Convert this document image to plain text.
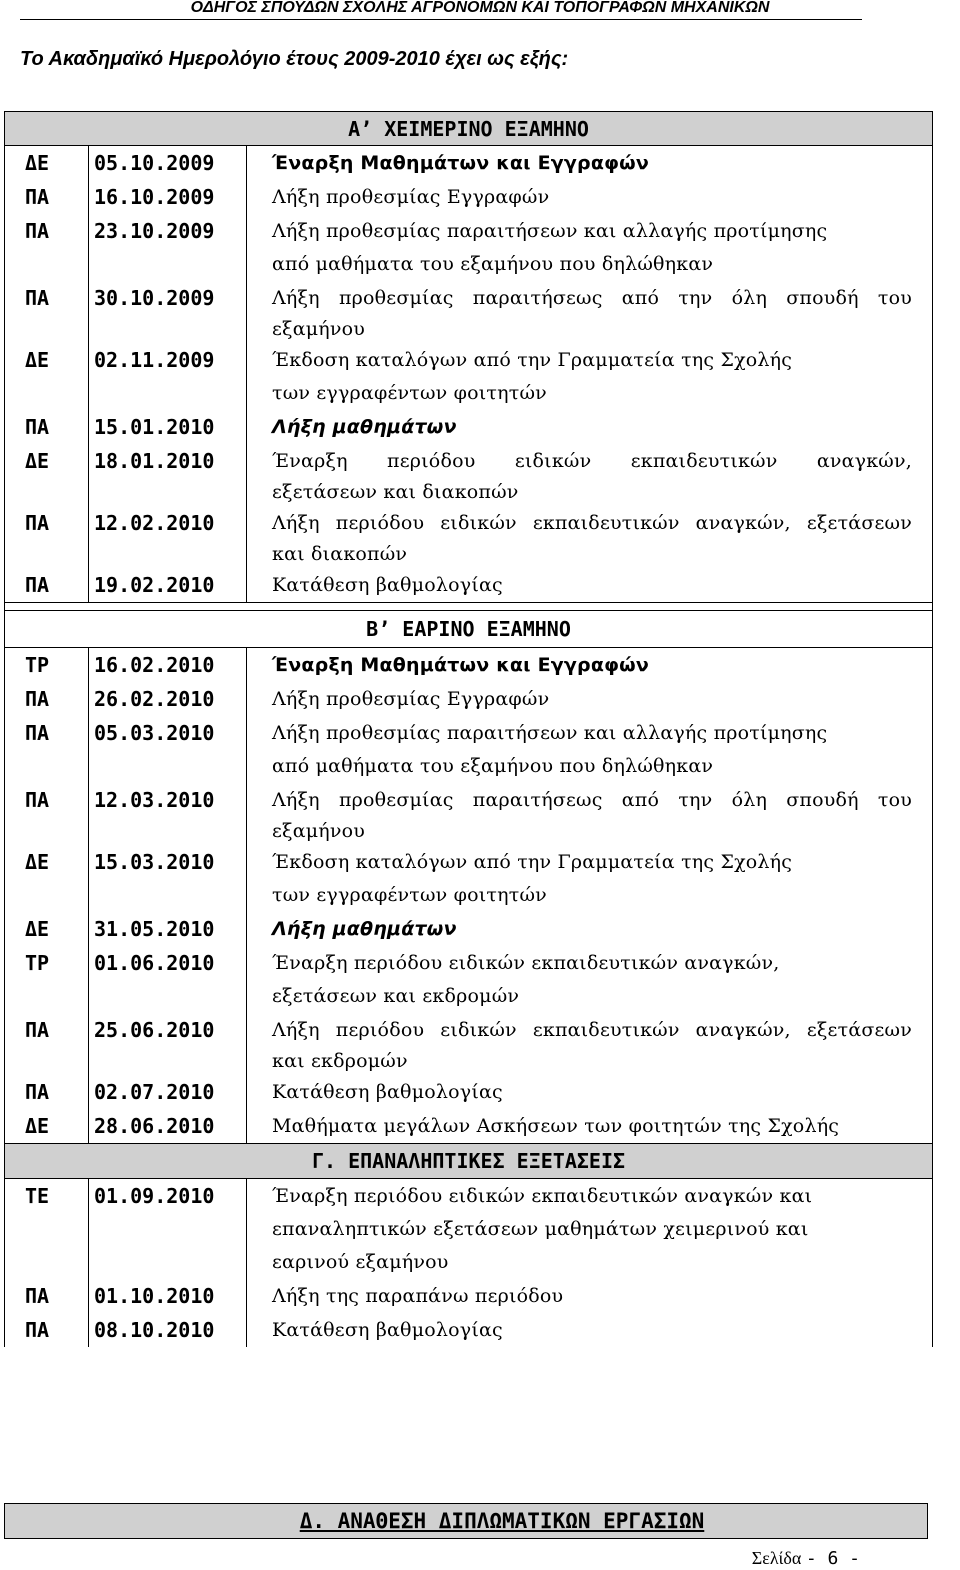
ΟΔΗΓΟΣ ΣΠΟΥΔΩΝ ΣΧΟΛΗΣ ΑΓΡΟΝΟΜΩΝ ΚΑΙ ΤΟΠΟΓΡΑΦΩΝ ΜΗΧΑΝΙΚΩΝ
Το Ακαδημαϊκό Ημερολόγιο έτους 2009-2010 έχει ως εξής:
Α’ ΧΕΙΜΕΡΙΝΟ ΕΞΑΜΗΝΟ		
ΔΕ	05.10.2009	Έναρξη Μαθημάτων και Εγγραφών

ΠΑ	16.10.2009	Λήξη προθεσμίας Εγγραφών

ΠΑ	23.10.2009	Λήξη προθεσμίας παραιτήσεων και αλλαγής προτίμησης
από μαθήματα του εξαμήνου που δηλώθηκαν

ΠΑ	30.10.2009	Λήξη προθεσμίας παραιτήσεως από την όλη σπουδή του
εξαμήνου

ΔΕ	02.11.2009	Έκδοση καταλόγων από την Γραμματεία της Σχολής
των εγγραφέντων φοιτητών

ΠΑ	15.01.2010	Λήξη μαθημάτων

ΔΕ	18.01.2010	Έναρξη περιόδου ειδικών εκπαιδευτικών αναγκών,
εξετάσεων και διακοπών

ΠΑ	12.02.2010	Λήξη περιόδου ειδικών εκπαιδευτικών αναγκών, εξετάσεων
και διακοπών

ΠΑ	19.02.2010	Κατάθεση βαθμολογίας

Β’ ΕΑΡΙΝΟ ΕΞΑΜΗΝΟ		
ΤΡ	16.02.2010	Έναρξη Μαθημάτων και Εγγραφών

ΠΑ	26.02.2010	Λήξη προθεσμίας Εγγραφών

ΠΑ	05.03.2010	Λήξη προθεσμίας παραιτήσεων και αλλαγής προτίμησης
από μαθήματα του εξαμήνου που δηλώθηκαν

ΠΑ	12.03.2010	Λήξη προθεσμίας παραιτήσεως από την όλη σπουδή του
εξαμήνου

ΔΕ	15.03.2010	Έκδοση καταλόγων από την Γραμματεία της Σχολής
των εγγραφέντων φοιτητών

ΔΕ	31.05.2010	Λήξη μαθημάτων

ΤΡ	01.06.2010	Έναρξη περιόδου ειδικών εκπαιδευτικών αναγκών,
εξετάσεων και εκδρομών

ΠΑ	25.06.2010	Λήξη περιόδου ειδικών εκπαιδευτικών αναγκών, εξετάσεων
και εκδρομών

ΠΑ	02.07.2010	Κατάθεση βαθμολογίας

ΔΕ	28.06.2010	Μαθήματα μεγάλων Ασκήσεων των φοιτητών της Σχολής

Γ. ΕΠΑΝΑΛΗΠΤΙΚΕΣ ΕΞΕΤΑΣΕΙΣ		
ΤΕ	01.09.2010	Έναρξη περιόδου ειδικών εκπαιδευτικών αναγκών και
επαναληπτικών εξετάσεων μαθημάτων χειμερινού και
εαρινού εξαμήνου

ΠΑ	01.10.2010	Λήξη της παραπάνω περιόδου

ΠΑ	08.10.2010	Κατάθεση βαθμολογίας
Δ. ΑΝΑΘΕΣΗ ΔΙΠΛΩΜΑΤΙΚΩΝ ΕΡΓΑΣΙΩΝ
Σελίδα - 6 -
